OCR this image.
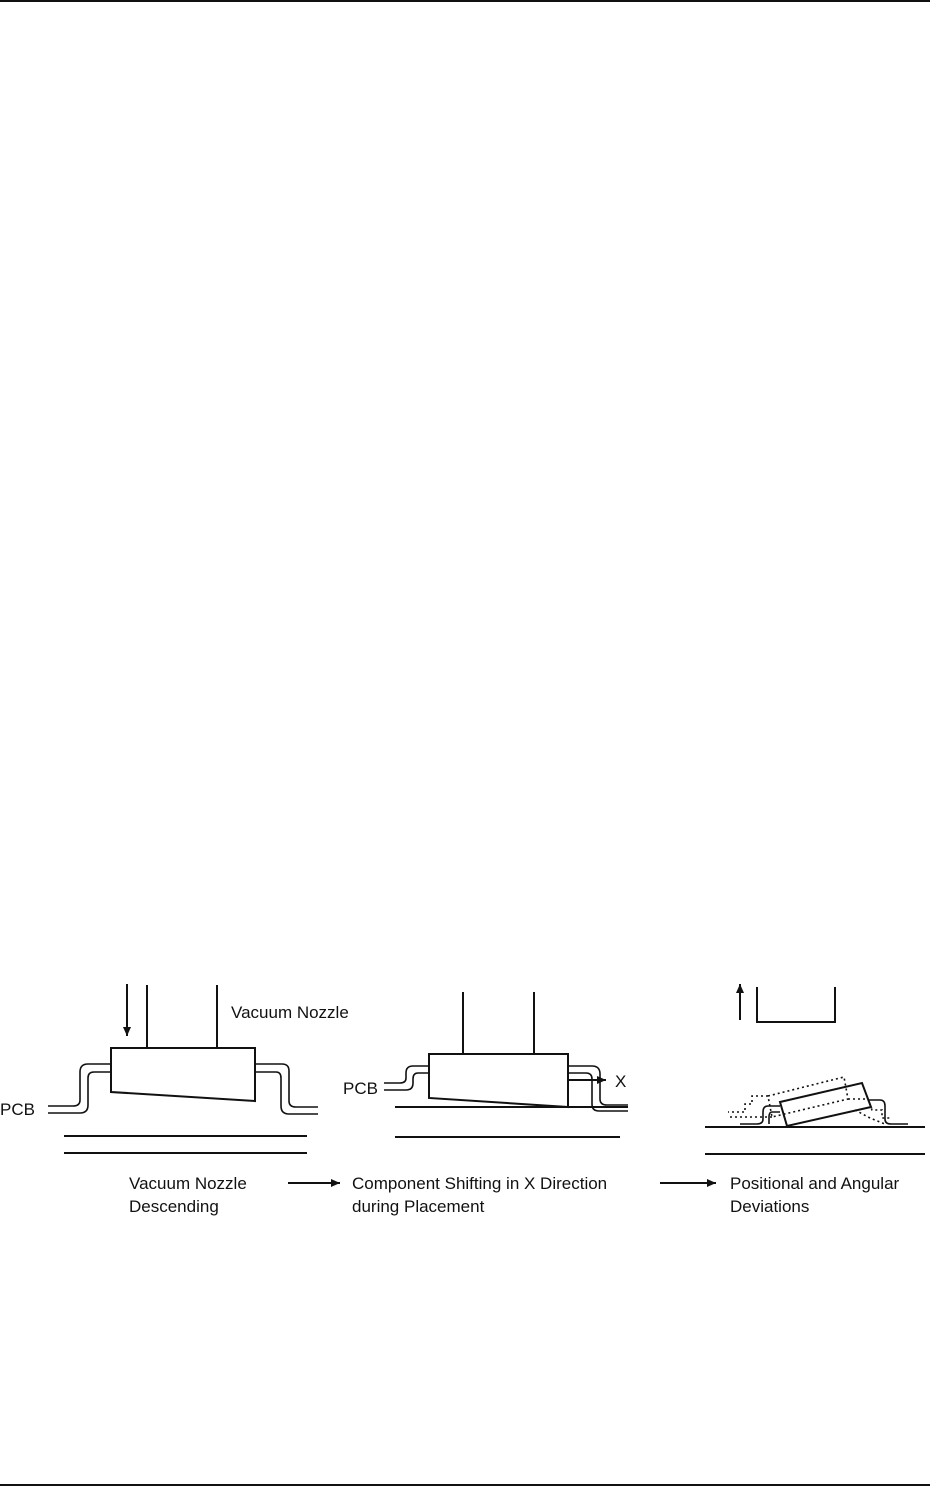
PCB
Vacuum Nozzle
Vacuum Nozzle
Descending
X
PCB
Component Shifting in X Direction
during Placement
Positional and Angular
Deviations
